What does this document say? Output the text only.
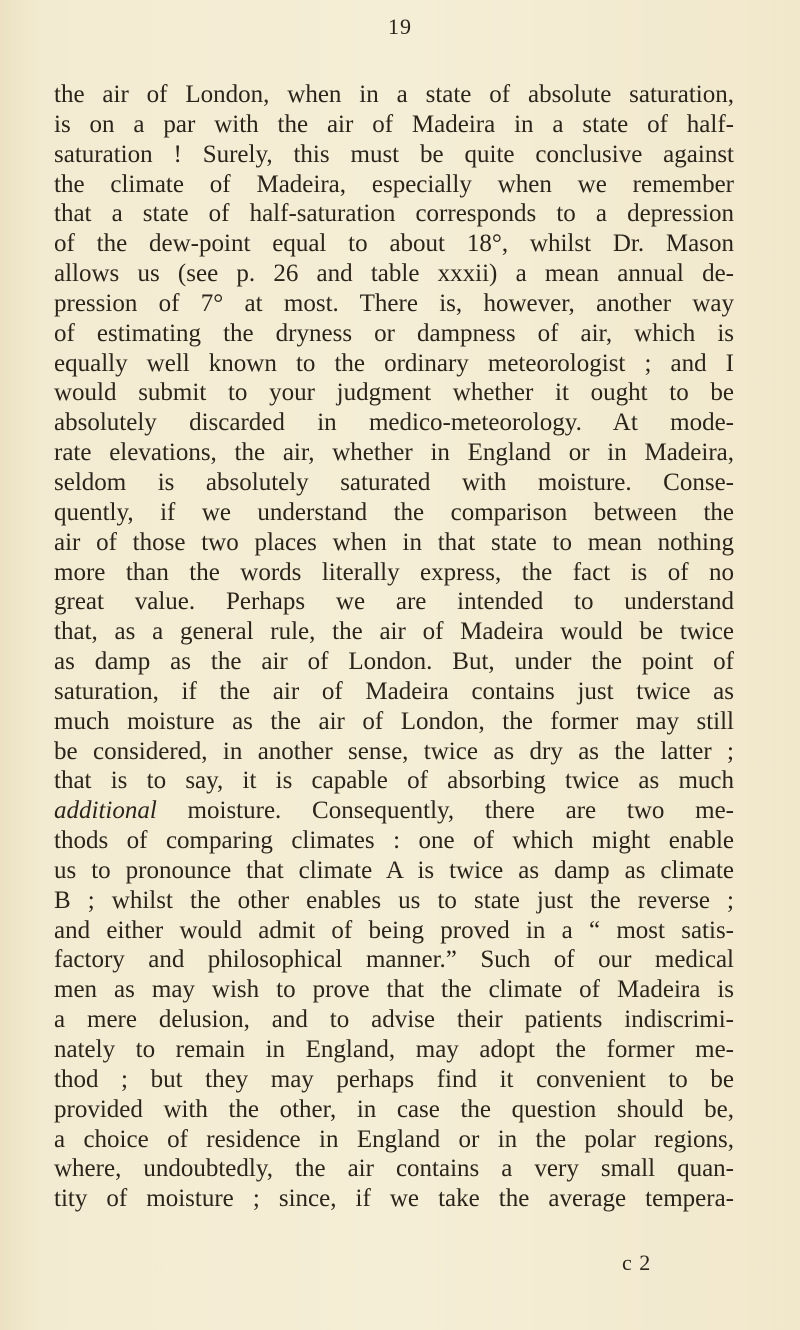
19
the air of London, when in a state of absolute saturation,
is on a par with the air of Madeira in a state of half-
saturation ! Surely, this must be quite conclusive against
the climate of Madeira, especially when we remember
that a state of half-saturation corresponds to a depression
of the dew-point equal to about 18°, whilst Dr. Mason
allows us (see p. 26 and table xxxii) a mean annual de-
pression of 7° at most. There is, however, another way
of estimating the dryness or dampness of air, which is
equally well known to the ordinary meteorologist ; and I
would submit to your judgment whether it ought to be
absolutely discarded in medico-meteorology. At mode-
rate elevations, the air, whether in England or in Madeira,
seldom is absolutely saturated with moisture. Conse-
quently, if we understand the comparison between the
air of those two places when in that state to mean nothing
more than the words literally express, the fact is of no
great value. Perhaps we are intended to understand
that, as a general rule, the air of Madeira would be twice
as damp as the air of London. But, under the point of
saturation, if the air of Madeira contains just twice as
much moisture as the air of London, the former may still
be considered, in another sense, twice as dry as the latter ;
that is to say, it is capable of absorbing twice as much
additional moisture. Consequently, there are two me-
thods of comparing climates : one of which might enable
us to pronounce that climate A is twice as damp as climate
B ; whilst the other enables us to state just the reverse ;
and either would admit of being proved in a “ most satis-
factory and philosophical manner.” Such of our medical
men as may wish to prove that the climate of Madeira is
a mere delusion, and to advise their patients indiscrimi-
nately to remain in England, may adopt the former me-
thod ; but they may perhaps find it convenient to be
provided with the other, in case the question should be,
a choice of residence in England or in the polar regions,
where, undoubtedly, the air contains a very small quan-
tity of moisture ; since, if we take the average tempera-
c 2
